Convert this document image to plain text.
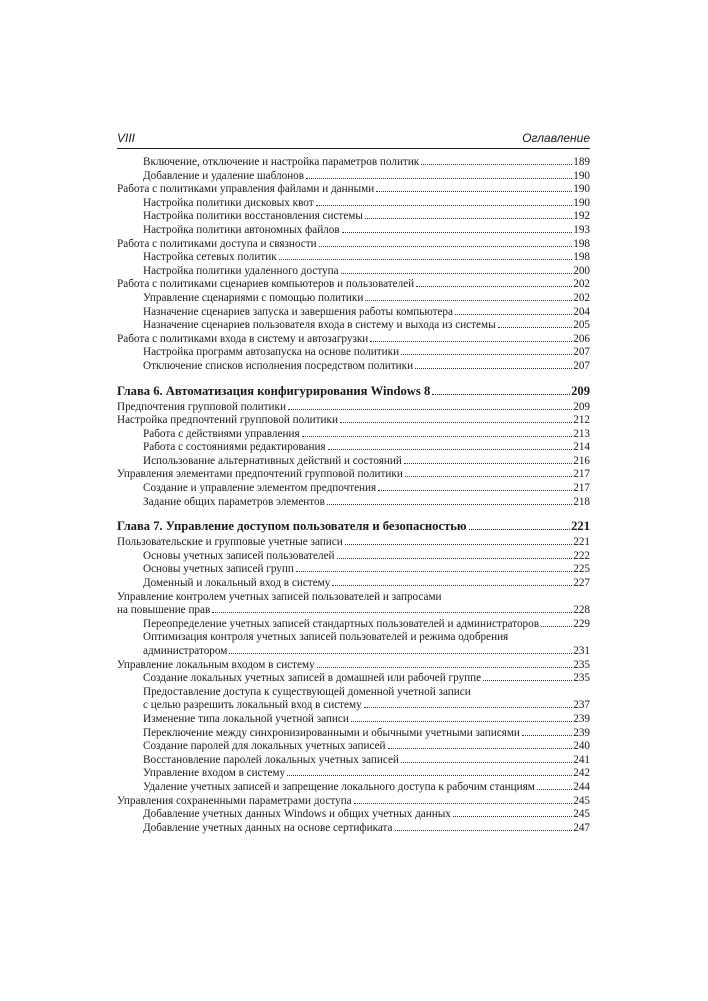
VIII	Оглавление
Включение, отключение и настройка параметров политик	189
Добавление и удаление шаблонов	190
Работа с политиками управления файлами и данными	190
Настройка политики дисковых квот	190
Настройка политики восстановления системы	192
Настройка политики автономных файлов	193
Работа с политиками доступа и связности	198
Настройка сетевых политик	198
Настройка политики удаленного доступа	200
Работа с политиками сценариев компьютеров и пользователей	202
Управление сценариями с помощью политики	202
Назначение сценариев запуска и завершения работы компьютера	204
Назначение сценариев пользователя входа в систему и выхода из системы	205
Работа с политиками входа в систему и автозагрузки	206
Настройка программ автозапуска на основе политики	207
Отключение списков исполнения посредством политики	207
Глава 6. Автоматизация конфигурирования Windows 8	209
Предпочтения групповой политики	209
Настройка предпочтений групповой политики	212
Работа с действиями управления	213
Работа с состояниями редактирования	214
Использование альтернативных действий и состояний	216
Управления элементами предпочтений групповой политики	217
Создание и управление элементом предпочтения	217
Задание общих параметров элементов	218
Глава 7. Управление доступом пользователя и безопасностью	221
Пользовательские и групповые учетные записи	221
Основы учетных записей пользователей	222
Основы учетных записей групп	225
Доменный и локальный вход в систему	227
Управление контролем учетных записей пользователей и запросами
на повышение прав	228
Переопределение учетных записей стандартных пользователей и администраторов	229
Оптимизация контроля учетных записей пользователей и режима одобрения
администратором	231
Управление локальным входом в систему	235
Создание локальных учетных записей в домашней или рабочей группе	235
Предоставление доступа к существующей доменной учетной записи
с целью разрешить локальный вход в систему	237
Изменение типа локальной учетной записи	239
Переключение между синхронизированными и обычными учетными записями	239
Создание паролей для локальных учетных записей	240
Восстановление паролей локальных учетных записей	241
Управление входом в систему	242
Удаление учетных записей и запрещение локального доступа к рабочим станциям	244
Управления сохраненными параметрами доступа	245
Добавление учетных данных Windows и общих учетных данных	245
Добавление учетных данных на основе сертификата	247
